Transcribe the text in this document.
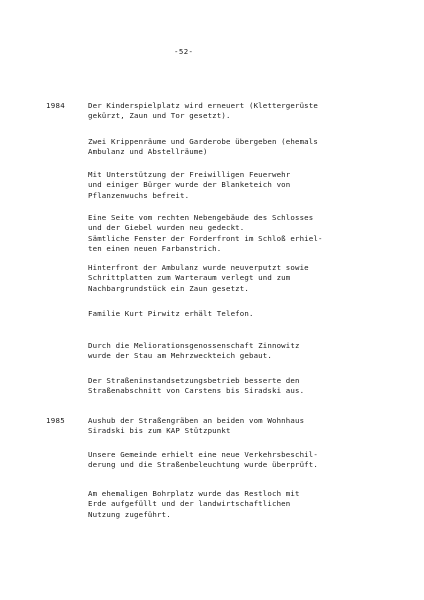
-52-
1984	Der Kinderspielplatz wird erneuert (Klettergerüste
gekürzt, Zaun und Tor gesetzt).
Zwei Krippenräume und Garderobe übergeben (ehemals
Ambulanz und Abstellräume)
Mit Unterstützung der Freiwilligen Feuerwehr
und einiger Bürger wurde der Blanketeich von
Pflanzenwuchs befreit.
Eine Seite vom rechten Nebengebäude des Schlosses
und der Giebel wurden neu gedeckt.
Sämtliche Fenster der Forderfront im Schloß erhiel-
ten einen neuen Farbanstrich.
Hinterfront der Ambulanz wurde neuverputzt sowie
Schrittplatten zum Warteraum verlegt und zum
Nachbargrundstück ein Zaun gesetzt.
Familie Kurt Pirwitz erhält Telefon.
Durch die Meliorationsgenossenschaft Zinnowitz
wurde der Stau am Mehrzweckteich gebaut.
Der Straßeninstandsetzungsbetrieb besserte den
Straßenabschnitt von Carstens bis Siradski aus.
1985	Aushub der Straßengräben an beiden vom Wohnhaus
Siradski bis zum KAP Stützpunkt
Unsere Gemeinde erhielt eine neue Verkehrsbeschil-
derung und die Straßenbeleuchtung wurde überprüft.
Am ehemaligen Bohrplatz wurde das Restloch mit
Erde aufgefüllt und der landwirtschaftlichen
Nutzung zugeführt.
